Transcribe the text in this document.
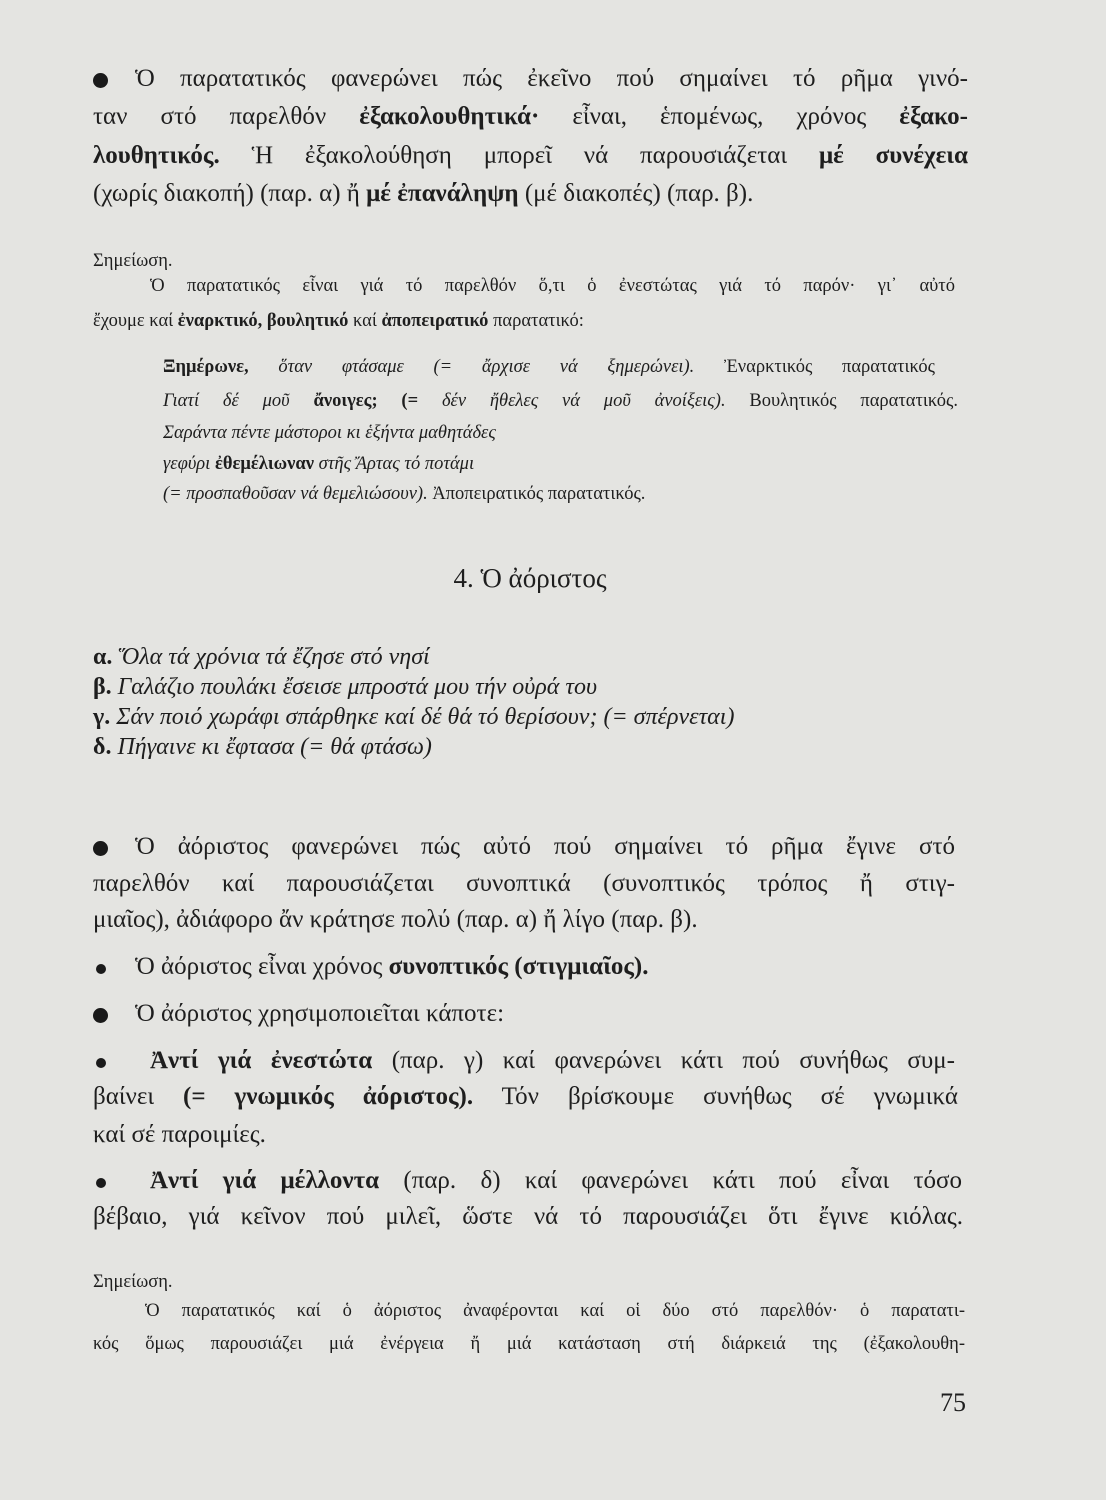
75
Ὁ παρατατικός φανερώνει πώς ἐκεῖνο πού σημαίνει τό ρῆμα γινό-
ταν στό παρελθόν ἐξακολουθητικά· εἶναι, ἑπομένως, χρόνος ἐξακο-
λουθητικός. Ἡ ἐξακολούθηση μπορεῖ νά παρουσιάζεται μέ συνέχεια
(χωρίς διακοπή) (παρ. α) ἤ μέ ἐπανάληψη (μέ διακοπές) (παρ. β).
Σημείωση.
Ὁ παρατατικός εἶναι γιά τό παρελθόν ὅ,τι ὁ ἐνεστώτας γιά τό παρόν· γι᾽ αὐτό
ἔχουμε καί ἐναρκτικό, βουλητικό καί ἀποπειρατικό παρατατικό:
Ξημέρωνε, ὅταν φτάσαμε (= ἄρχισε νά ξημερώνει). Ἐναρκτικός παρατατικός
Γιατί δέ μοῦ ἄνοιγες; (= δέν ἤθελες νά μοῦ ἀνοίξεις). Βουλητικός παρατατικός.
Σαράντα πέντε μάστοροι κι ἑξήντα μαθητάδες
γεφύρι ἐθεμέλιωναν στῆς Ἄρτας τό ποτάμι
(= προσπαθοῦσαν νά θεμελιώσουν). Ἀποπειρατικός παρατατικός.
4. Ὁ ἀόριστος
α. Ὅλα τά χρόνια τά ἔζησε στό νησί
β. Γαλάζιο πουλάκι ἔσεισε μπροστά μου τήν οὐρά του
γ. Σάν ποιό χωράφι σπάρθηκε καί δέ θά τό θερίσουν; (= σπέρνεται)
δ. Πήγαινε κι ἔφτασα (= θά φτάσω)
Ὁ ἀόριστος φανερώνει πώς αὐτό πού σημαίνει τό ρῆμα ἔγινε στό
παρελθόν καί παρουσιάζεται συνοπτικά (συνοπτικός τρόπος ἤ στιγ-
μιαῖος), ἀδιάφορο ἄν κράτησε πολύ (παρ. α) ἤ λίγο (παρ. β).
Ὁ ἀόριστος εἶναι χρόνος συνοπτικός (στιγμιαῖος).
Ὁ ἀόριστος χρησιμοποιεῖται κάποτε:
Ἀντί γιά ἐνεστώτα (παρ. γ) καί φανερώνει κάτι πού συνήθως συμ-
βαίνει (= γνωμικός ἀόριστος). Τόν βρίσκουμε συνήθως σέ γνωμικά
καί σέ παροιμίες.
Ἀντί γιά μέλλοντα (παρ. δ) καί φανερώνει κάτι πού εἶναι τόσο
βέβαιο, γιά κεῖνον πού μιλεῖ, ὥστε νά τό παρουσιάζει ὅτι ἔγινε κιόλας.
Σημείωση.
Ὁ παρατατικός καί ὁ ἀόριστος ἀναφέρονται καί οἱ δύο στό παρελθόν· ὁ παρατατι-
κός ὅμως παρουσιάζει μιά ἐνέργεια ἤ μιά κατάσταση στή διάρκειά της (ἐξακολουθη-
